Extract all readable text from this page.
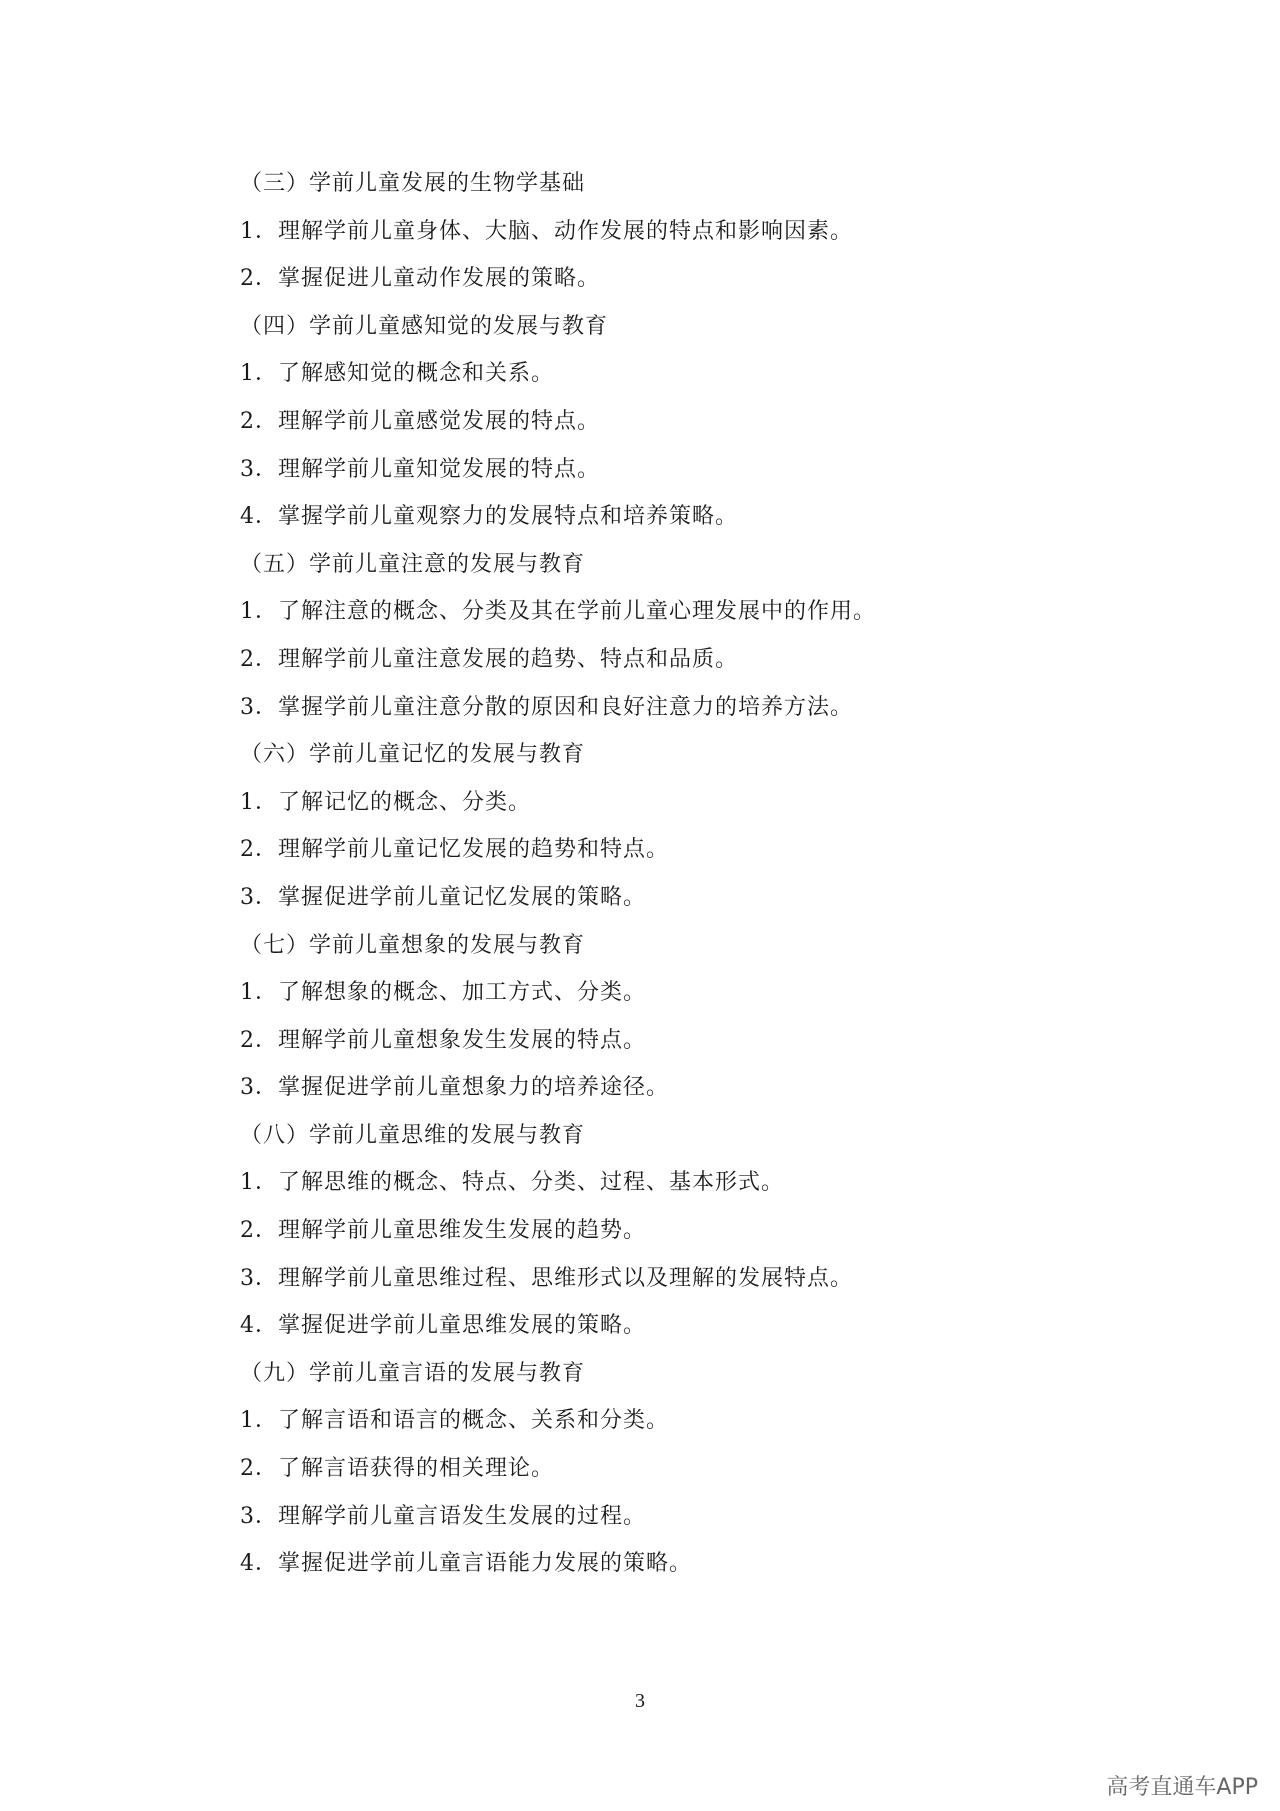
（三）学前儿童发展的生物学基础
1．理解学前儿童身体、大脑、动作发展的特点和影响因素。
2．掌握促进儿童动作发展的策略。
（四）学前儿童感知觉的发展与教育
1．了解感知觉的概念和关系。
2．理解学前儿童感觉发展的特点。
3．理解学前儿童知觉发展的特点。
4．掌握学前儿童观察力的发展特点和培养策略。
（五）学前儿童注意的发展与教育
1．了解注意的概念、分类及其在学前儿童心理发展中的作用。
2．理解学前儿童注意发展的趋势、特点和品质。
3．掌握学前儿童注意分散的原因和良好注意力的培养方法。
（六）学前儿童记忆的发展与教育
1．了解记忆的概念、分类。
2．理解学前儿童记忆发展的趋势和特点。
3．掌握促进学前儿童记忆发展的策略。
（七）学前儿童想象的发展与教育
1．了解想象的概念、加工方式、分类。
2．理解学前儿童想象发生发展的特点。
3．掌握促进学前儿童想象力的培养途径。
（八）学前儿童思维的发展与教育
1．了解思维的概念、特点、分类、过程、基本形式。
2．理解学前儿童思维发生发展的趋势。
3．理解学前儿童思维过程、思维形式以及理解的发展特点。
4．掌握促进学前儿童思维发展的策略。
（九）学前儿童言语的发展与教育
1．了解言语和语言的概念、关系和分类。
2．了解言语获得的相关理论。
3．理解学前儿童言语发生发展的过程。
4．掌握促进学前儿童言语能力发展的策略。
3
高考直通车APP
